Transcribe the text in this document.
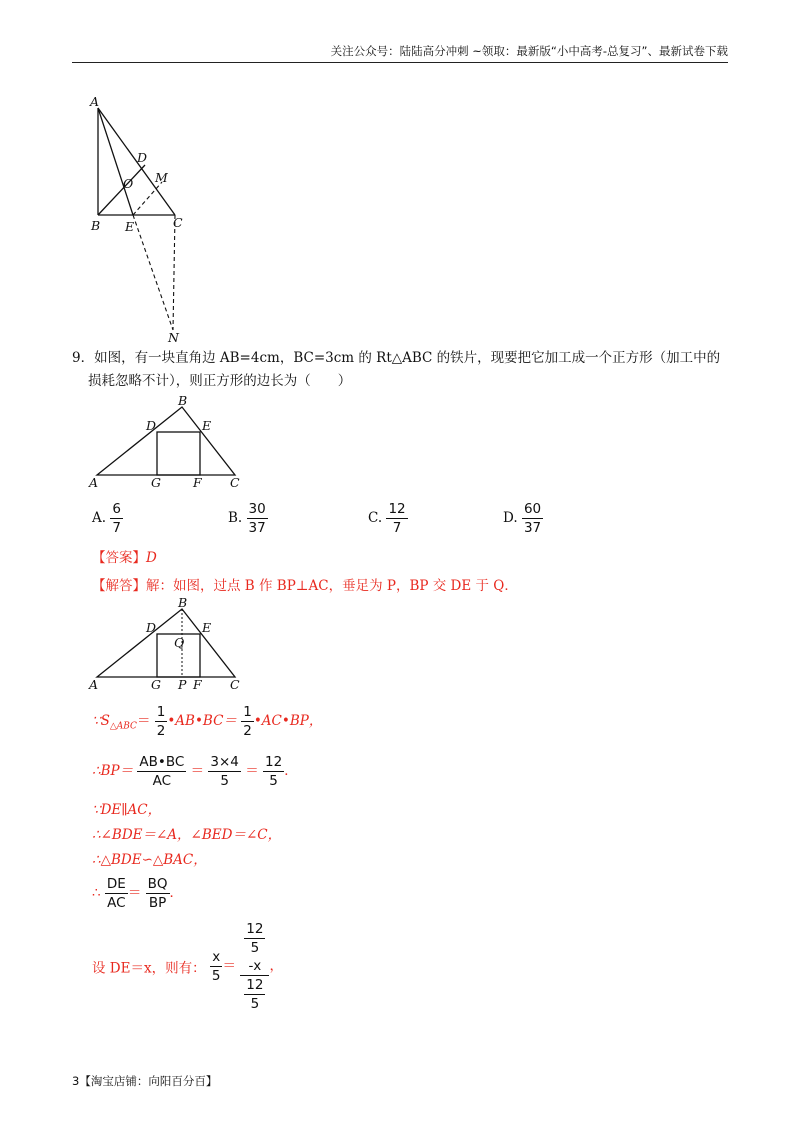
关注公众号：陆陆高分冲刺 ~领取：最新版“小中高考-总复习”、最新试卷下载
A
D
O M
B E	C
N
9．如图，有一块直角边 AB=4cm，BC=3cm 的 Rt△ABC 的铁片，现要把它加工成一个正方形（加工中的
损耗忽略不计），则正方形的边长为（　　）
B
D	E
A	G	F C
A. $\frac{6}{7}$	B. $\frac{30}{37}$	C. $\frac{12}{7}$	D. $\frac{60}{37}$
【答案】D
【解答】解：如图，过点 B 作 BP⊥AC，垂足为 P，BP 交 DE 于 Q．
B
D
Q
E
A	G P F C
$\because S_{\triangle ABC}= \frac{1}{2}$ •AB•BC＝ $\frac{1}{2}$ •AC•BP，
∴BP＝ $\frac{AB•BC}{AC} = \frac{3\times 4}{5} = \frac{12}{5}$ ．
∵DE∥AC，
∴∠BDE＝∠A，∠BED＝∠C，
∴△BDE∽△BAC，
∴ $\frac{DE}{AC} = \frac{BQ}{BP}$ ．
设 DE＝x，则有： $\frac{x}{5} = 12$
5
-x
12
5 ，
3【淘宝店铺：向阳百分百】
